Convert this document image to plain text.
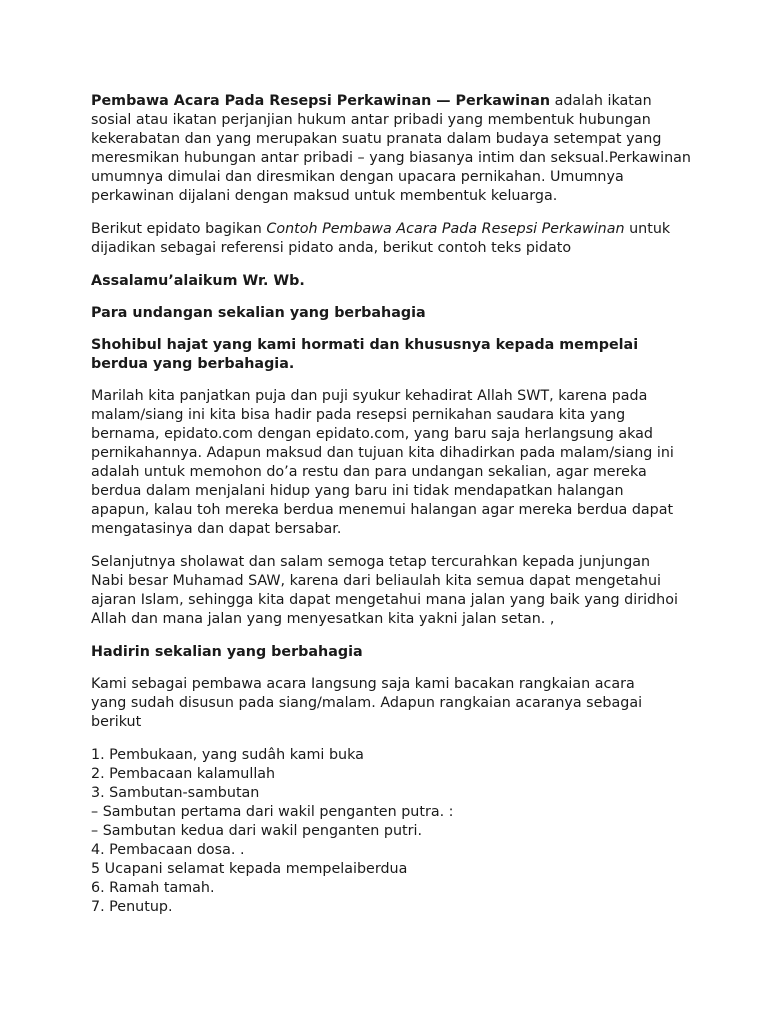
Pembawa Acara Pada Resepsi Perkawinan — Perkawinan adalah ikatan sosial atau ikatan perjanjian hukum antar pribadi yang membentuk hubungan kekerabatan dan yang merupakan suatu pranata dalam budaya setempat yang meresmikan hubungan antar pribadi – yang biasanya intim dan seksual.Perkawinan umumnya dimulai dan diresmikan dengan upacara pernikahan. Umumnya perkawinan dijalani dengan maksud untuk membentuk keluarga.

Berikut epidato bagikan Contoh Pembawa Acara Pada Resepsi Perkawinan untuk dijadikan sebagai referensi pidato anda, berikut contoh teks pidato

Assalamu’alaikum Wr. Wb.

Para undangan sekalian yang berbahagia

Shohibul hajat yang kami hormati dan khususnya kepada mempelai berdua yang berbahagia.

Marilah kita panjatkan puja dan puji syukur kehadirat Allah SWT, karena pada malam/siang ini kita bisa hadir pada resepsi pernikahan saudara kita yang bernama, epidato.com dengan epidato.com, yang baru saja herlangsung akad pernikahannya. Adapun maksud dan tujuan kita dihadirkan pada malam/siang ini adalah untuk memohon do’a restu dan para undangan sekalian, agar mereka berdua dalam menjalani hidup yang baru ini tidak mendapatkan halangan apapun, kalau toh mereka berdua menemui halangan agar mereka berdua dapat mengatasinya dan dapat bersabar.

Selanjutnya sholawat dan salam semoga tetap tercurahkan kepada junjungan Nabi besar Muhamad SAW, karena dari beliaulah kita semua dapat mengetahui ajaran Islam, sehingga kita dapat mengetahui mana jalan yang baik yang diridhoi Allah dan mana jalan yang menyesatkan kita yakni jalan setan. ,

Hadirin sekalian yang berbahagia

Kami sebagai pembawa acara Iangsung saja kami bacakan rangkaian acara yang sudah disusun pada siang/malam. Adapun rangkaian acaranya sebagai berikut

1. Pembukaan, yang sudâh kami buka
2. Pembacaan kalamullah
3. Sambutan-sambutan
– Sambutan pertama dari wakil penganten putra. :
– Sambutan kedua dari wakil penganten putri.
4. Pembacaan dosa. .
5 Ucapani selamat kepada mempelaiberdua
6. Ramah tamah.
7. Penutup.
